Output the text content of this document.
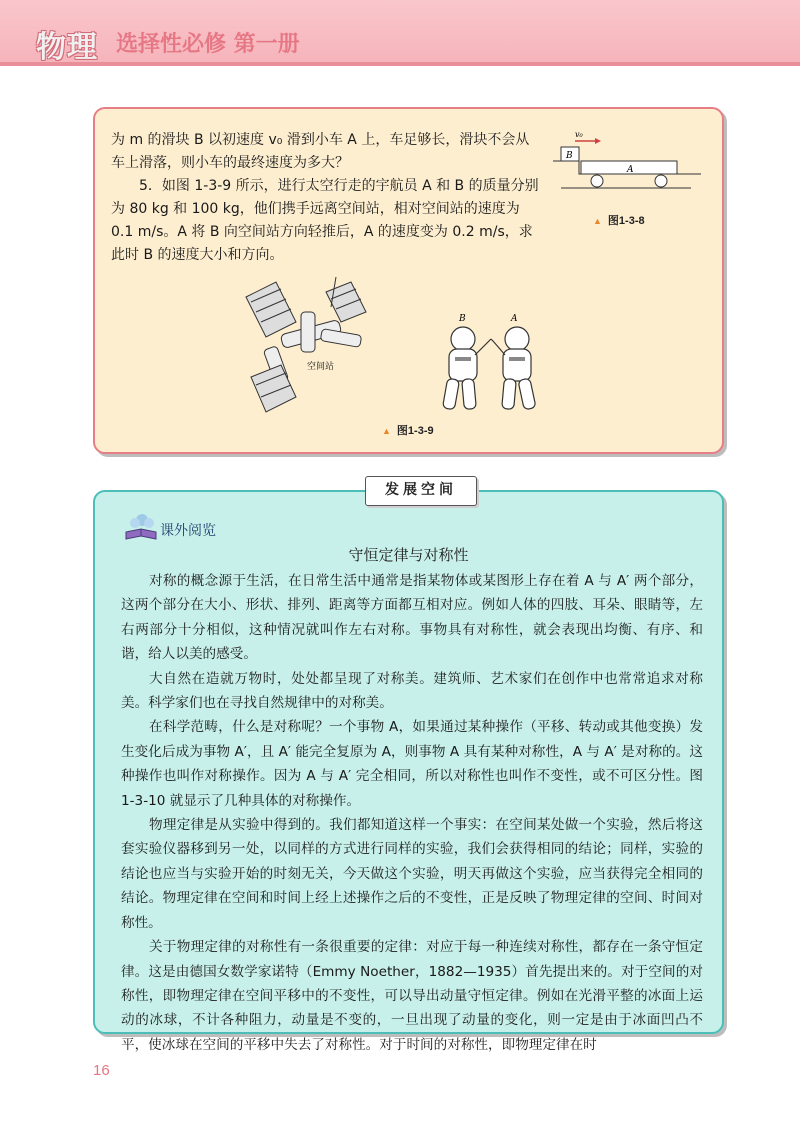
物理 选择性必修 第一册

为 m 的滑块 B 以初速度 v₀ 滑到小车 A 上，车足够长，滑块不会从车上滑落，则小车的最终速度为多大？

5．如图 1-3-9 所示，进行太空行走的宇航员 A 和 B 的质量分别为 80 kg 和 100 kg，他们携手远离空间站，相对空间站的速度为 0.1 m/s。A 将 B 向空间站方向轻推后，A 的速度变为 0.2 m/s，求此时 B 的速度大小和方向。

v₀
B
A
▲ 图1-3-8
空间站
B	A
▲ 图1-3-9
发展空间
课外阅览
守恒定律与对称性

对称的概念源于生活，在日常生活中通常是指某物体或某图形上存在着 A 与 A′ 两个部分，这两个部分在大小、形状、排列、距离等方面都互相对应。例如人体的四肢、耳朵、眼睛等，左右两部分十分相似，这种情况就叫作左右对称。事物具有对称性，就会表现出均衡、有序、和谐，给人以美的感受。

大自然在造就万物时，处处都呈现了对称美。建筑师、艺术家们在创作中也常常追求对称美。科学家们也在寻找自然规律中的对称美。

在科学范畴，什么是对称呢？一个事物 A，如果通过某种操作（平移、转动或其他变换）发生变化后成为事物 A′，且 A′ 能完全复原为 A，则事物 A 具有某种对称性，A 与 A′ 是对称的。这种操作也叫作对称操作。因为 A 与 A′ 完全相同，所以对称性也叫作不变性，或不可区分性。图 1-3-10 就显示了几种具体的对称操作。

物理定律是从实验中得到的。我们都知道这样一个事实：在空间某处做一个实验，然后将这套实验仪器移到另一处，以同样的方式进行同样的实验，我们会获得相同的结论；同样，实验的结论也应当与实验开始的时刻无关，今天做这个实验，明天再做这个实验，应当获得完全相同的结论。物理定律在空间和时间上经上述操作之后的不变性，正是反映了物理定律的空间、时间对称性。

关于物理定律的对称性有一条很重要的定律：对应于每一种连续对称性，都存在一条守恒定律。这是由德国女数学家诺特（Emmy Noether，1882—1935）首先提出来的。对于空间的对称性，即物理定律在空间平移中的不变性，可以导出动量守恒定律。例如在光滑平整的冰面上运动的冰球，不计各种阻力，动量是不变的，一旦出现了动量的变化，则一定是由于冰面凹凸不平，使冰球在空间的平移中失去了对称性。对于时间的对称性，即物理定律在时

16
